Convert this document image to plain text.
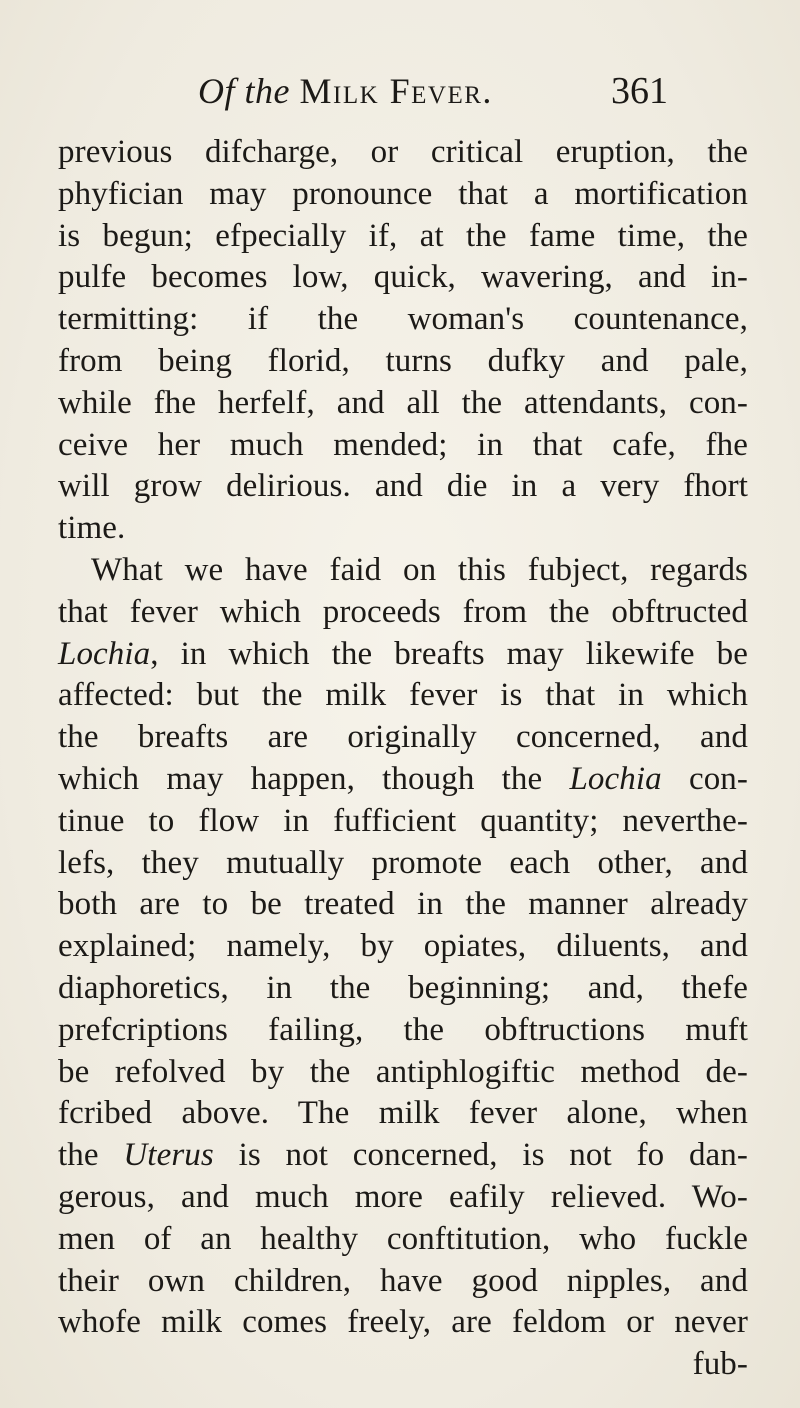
Of the Milk Fever.	361
previous difcharge, or critical eruption, the
phyfician may pronounce that a mortification
is begun; efpecially if, at the fame time, the
pulfe becomes low, quick, wavering, and in-
termitting: if the woman's countenance,
from being florid, turns dufky and pale,
while fhe herfelf, and all the attendants, con-
ceive her much mended; in that cafe, fhe
will grow delirious. and die in a very fhort
time.
What we have faid on this fubject, regards
that fever which proceeds from the obftructed
Lochia, in which the breafts may likewife be
affected: but the milk fever is that in which
the breafts are originally concerned, and
which may happen, though the Lochia con-
tinue to flow in fufficient quantity; neverthe-
lefs, they mutually promote each other, and
both are to be treated in the manner already
explained; namely, by opiates, diluents, and
diaphoretics, in the beginning; and, thefe
prefcriptions failing, the obftructions muft
be refolved by the antiphlogiftic method de-
fcribed above. The milk fever alone, when
the Uterus is not concerned, is not fo dan-
gerous, and much more eafily relieved. Wo-
men of an healthy conftitution, who fuckle
their own children, have good nipples, and
whofe milk comes freely, are feldom or never
fub-
